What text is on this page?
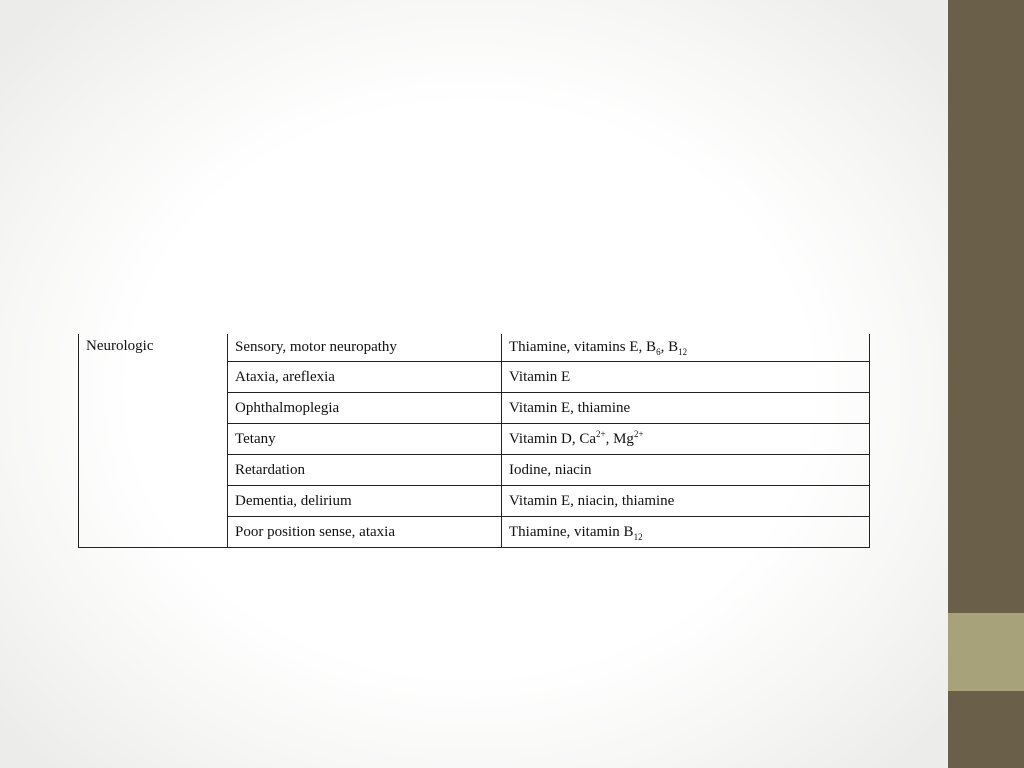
Neurologic	Sensory, motor neuropathy	Thiamine, vitamins E, $B_6$, $B_{12}$
	Ataxia, areflexia	Vitamin E
	Ophthalmoplegia	Vitamin E, thiamine
	Tetany	Vitamin D, $Ca^{2+}$, $Mg^{2+}$
	Retardation	Iodine, niacin
	Dementia, delirium	Vitamin E, niacin, thiamine
	Poor position sense, ataxia	Thiamine, vitamin $B_{12}$
